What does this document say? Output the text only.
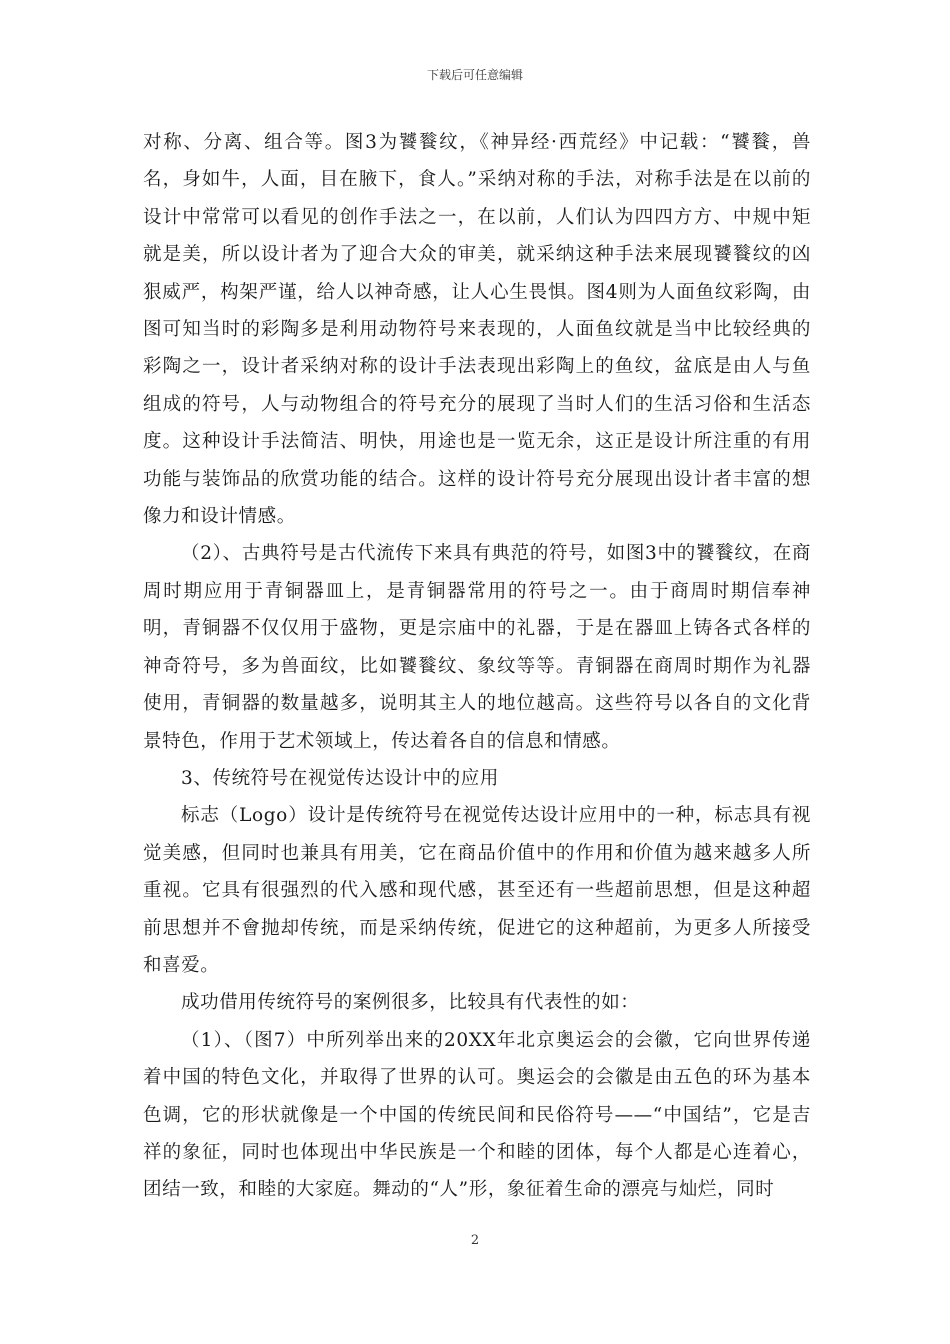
下载后可任意编辑

对称、分离、组合等。图3为饕餮纹，《神异经·西荒经》中记载：“饕餮，兽名，身如牛，人面，目在腋下，食人。”采纳对称的手法，对称手法是在以前的设计中常常可以看见的创作手法之一，在以前，人们认为四四方方、中规中矩就是美，所以设计者为了迎合大众的审美，就采纳这种手法来展现饕餮纹的凶狠威严，构架严谨，给人以神奇感，让人心生畏惧。图4则为人面鱼纹彩陶，由图可知当时的彩陶多是利用动物符号来表现的，人面鱼纹就是当中比较经典的彩陶之一，设计者采纳对称的设计手法表现出彩陶上的鱼纹，盆底是由人与鱼组成的符号，人与动物组合的符号充分的展现了当时人们的生活习俗和生活态度。这种设计手法简洁、明快，用途也是一览无余，这正是设计所注重的有用功能与装饰品的欣赏功能的结合。这样的设计符号充分展现出设计者丰富的想像力和设计情感。

（2）、古典符号是古代流传下来具有典范的符号，如图3中的饕餮纹，在商周时期应用于青铜器皿上，是青铜器常用的符号之一。由于商周时期信奉神明，青铜器不仅仅用于盛物，更是宗庙中的礼器，于是在器皿上铸各式各样的神奇符号，多为兽面纹，比如饕餮纹、象纹等等。青铜器在商周时期作为礼器使用，青铜器的数量越多，说明其主人的地位越高。这些符号以各自的文化背景特色，作用于艺术领域上，传达着各自的信息和情感。

3、传统符号在视觉传达设计中的应用

标志（Logo）设计是传统符号在视觉传达设计应用中的一种，标志具有视觉美感，但同时也兼具有用美，它在商品价值中的作用和价值为越来越多人所重视。它具有很强烈的代入感和现代感，甚至还有一些超前思想，但是这种超前思想并不會抛却传统，而是采纳传统，促进它的这种超前，为更多人所接受和喜爱。

成功借用传统符号的案例很多，比较具有代表性的如：

（1）、（图7）中所列举出来的20XX年北京奥运会的会徽，它向世界传递着中国的特色文化，并取得了世界的认可。奥运会的会徽是由五色的环为基本色调，它的形状就像是一个中国的传统民间和民俗符号——“中国结”，它是吉祥的象征，同时也体现出中华民族是一个和睦的团体，每个人都是心连着心，团结一致，和睦的大家庭。舞动的“人”形，象征着生命的漂亮与灿烂，同时

2
